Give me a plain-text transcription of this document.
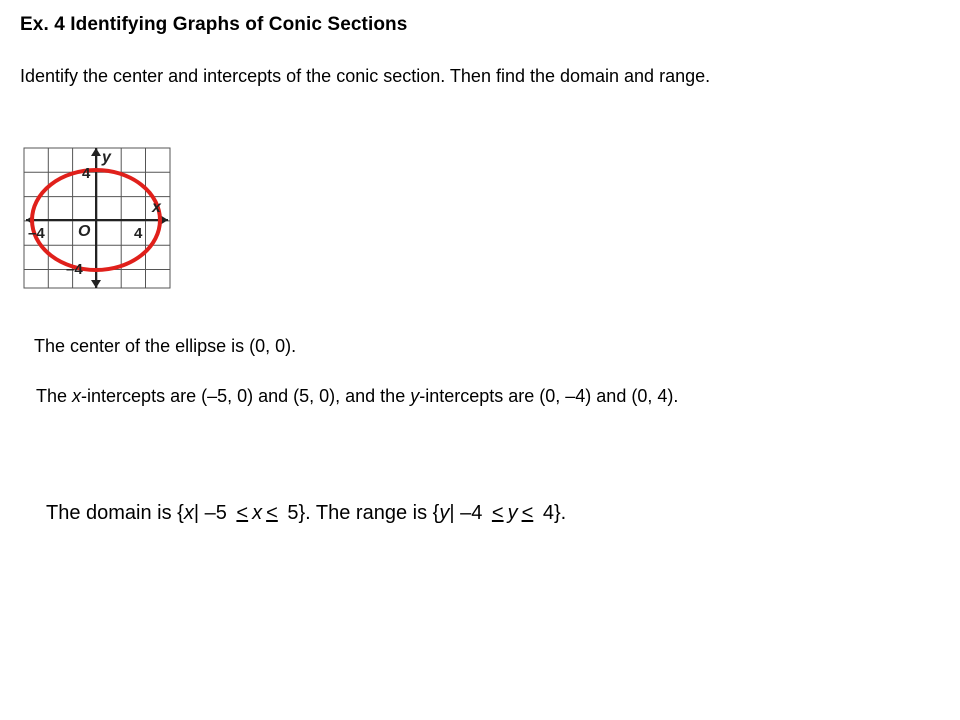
Ex. 4 Identifying Graphs of Conic Sections
Identify the center and intercepts of the conic section. Then find the domain and range.
y
x
O
4
–4
–4	4
The center of the ellipse is (0, 0).
The x-intercepts are (–5, 0) and (5, 0), and the y-intercepts are (0, –4) and (0, 4).
The domain is {x| –5 < x < 5}. The range is {y| –4 < y < 4}.
